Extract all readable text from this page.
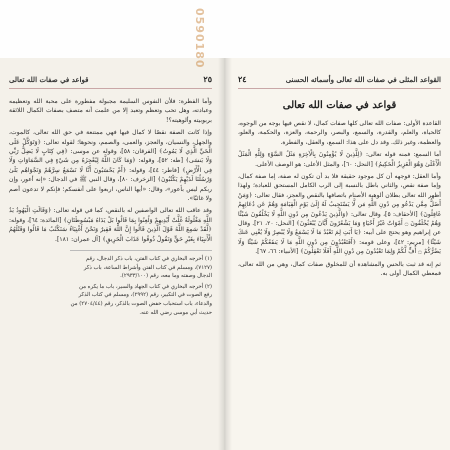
٢٥
قواعد في صفات الله تعالى

وأما الفطرة: فلأن النفوس السليمة مجبولة مفطورة على محبة الله وتعظيمه وعبادته، وهل تحب وتعظم وتعبد إلا من علمت أنه متصف بصفات الكمال اللائقة بربوبيته وألوهيته؟!

وإذا كانت الصفة نقصًا لا كمال فيها فهي ممتنعة في حق الله تعالى، كالموت، والجهل، والنسيان، والعجز، والعمى، والصمم، ونحوها؛ لقوله تعالى: ﴿وَتَوَكَّلْ عَلَى الْحَيِّ الَّذِي لَا يَمُوتُ﴾ [الفرقان: ٥٨]، وقوله عن موسى: ﴿فِي كِتَابٍ لَا يَضِلُّ رَبِّي وَلَا يَنسَى﴾ [طه: ٥٢]، وقوله: ﴿وَمَا كَانَ اللَّهُ لِيُعْجِزَهُ مِن شَيْءٍ فِي السَّمَاوَاتِ وَلَا فِي الْأَرْضِ﴾ [فاطر: ٤٤]، وقوله: ﴿أَمْ يَحْسَبُونَ أَنَّا لَا نَسْمَعُ سِرَّهُمْ وَنَجْوَاهُم بَلَىٰ وَرُسُلُنَا لَدَيْهِمْ يَكْتُبُونَ﴾ [الزخرف: ٨٠]، وقال النبي ﷺ في الدجال: «إنه أعور، وإن ربكم ليس بأعور»، وقال: «أيها الناس، اربعوا على أنفسكم؛ فإنكم لا تدعون أصم ولا غائبًا».

وقد عاقب الله تعالى الواصفين له بالنقص، كما في قوله تعالى: ﴿وَقَالَتِ الْيَهُودُ يَدُ اللَّهِ مَغْلُولَةٌ غُلَّتْ أَيْدِيهِمْ وَلُعِنُوا بِمَا قَالُوا بَلْ يَدَاهُ مَبْسُوطَتَانِ﴾ [المائدة: ٦٤]، وقوله: ﴿لَّقَدْ سَمِعَ اللَّهُ قَوْلَ الَّذِينَ قَالُوا إِنَّ اللَّهَ فَقِيرٌ وَنَحْنُ أَغْنِيَاءُ سَنَكْتُبُ مَا قَالُوا وَقَتْلَهُمُ الْأَنبِيَاءَ بِغَيْرِ حَقٍّ وَنَقُولُ ذُوقُوا عَذَابَ الْحَرِيقِ﴾ [آل عمران: ١٨١].

(١) أخرجه البخاري في كتاب الفتن، باب ذكر الدجال، رقم (٧١٢٧)، ومسلم في كتاب الفتن وأشراط الساعة، باب ذكر الدجال وصفته وما معه، رقم (٢٩٣٣/١٠٠).

(٢) أخرجه البخاري في كتاب الجهاد والسير، باب ما يكره من رفع الصوت في التكبير، رقم (٢٩٩٢)، ومسلم في كتاب الذكر والدعاء، باب استحباب خفض الصوت بالذكر، رقم (٢٧٠٤/٤٤) من حديث أبي موسى رضي الله عنه.

القواعد المثلى في صفات الله تعالى وأسمائه الحسنى
٢٤
قواعد في صفات الله تعالى

القاعدة الأولى: صفات الله تعالى كلها صفات كمال، لا نقص فيها بوجه من الوجوه، كالحياة، والعلم، والقدرة، والسمع، والبصر، والرحمة، والعزة، والحكمة، والعلو، والعظمة، وغير ذلك. وقد دل على هذا: السمع، والعقل، والفطرة.

أما السمع: فمنه قوله تعالى: ﴿لِلَّذِينَ لَا يُؤْمِنُونَ بِالْآخِرَةِ مَثَلُ السَّوْءِ وَلِلَّهِ الْمَثَلُ الْأَعْلَىٰ وَهُوَ الْعَزِيزُ الْحَكِيمُ﴾ [النحل: ٦٠]، والمثل الأعلى: هو الوصف الأعلى.

وأما العقل: فوجهه أن كل موجود حقيقة فلا بد أن تكون له صفة، إما صفة كمال، وإما صفة نقص، والثاني باطل بالنسبة إلى الرب الكامل المستحق للعبادة؛ ولهذا أظهر الله تعالى بطلان ألوهية الأصنام باتصافها بالنقص والعجز، فقال تعالى: ﴿وَمَنْ أَضَلُّ مِمَّن يَدْعُو مِن دُونِ اللَّهِ مَن لَّا يَسْتَجِيبُ لَهُ إِلَىٰ يَوْمِ الْقِيَامَةِ وَهُمْ عَن دُعَائِهِمْ غَافِلُونَ﴾ [الأحقاف: ٥]، وقال تعالى: ﴿وَالَّذِينَ يَدْعُونَ مِن دُونِ اللَّهِ لَا يَخْلُقُونَ شَيْئًا وَهُمْ يُخْلَقُونَ ۝ أَمْوَاتٌ غَيْرُ أَحْيَاءٍ وَمَا يَشْعُرُونَ أَيَّانَ يُبْعَثُونَ﴾ [النحل: ٢٠، ٢١]. وقال عن إبراهيم وهو يحتج على أبيه: ﴿يَا أَبَتِ لِمَ تَعْبُدُ مَا لَا يَسْمَعُ وَلَا يُبْصِرُ وَلَا يُغْنِي عَنكَ شَيْئًا﴾ [مريم: ٤٢]، وعلى قومه: ﴿أَفَتَعْبُدُونَ مِن دُونِ اللَّهِ مَا لَا يَنفَعُكُمْ شَيْئًا وَلَا يَضُرُّكُمْ ۝ أُفٍّ لَّكُمْ وَلِمَا تَعْبُدُونَ مِن دُونِ اللَّهِ أَفَلَا تَعْقِلُونَ﴾ [الأنبياء: ٦٦، ٦٧].

ثم إنه قد ثبت بالحس والمشاهدة أن للمخلوق صفات كمال، وهي من الله تعالى، فمعطي الكمال أولى به.

0590180
